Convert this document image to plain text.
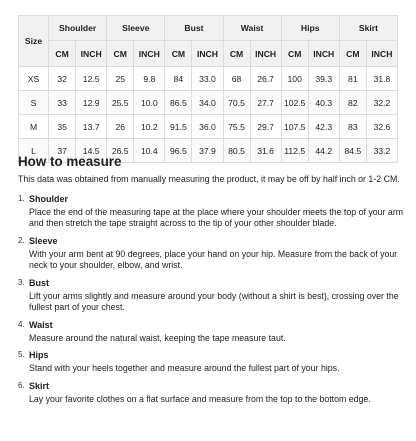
Size	Shoulder		Sleeve		Bust		Waist		Hips		Skirt	
	CM	INCH	CM	INCH	CM	INCH	CM	INCH	CM	INCH	CM	INCH
XS	32	12.5	25	9.8	84	33.0	68	26.7	100	39.3	81	31.8
S	33	12.9	25.5	10.0	86.5	34.0	70.5	27.7	102.5	40.3	82	32.2
M	35	13.7	26	10.2	91.5	36.0	75.5	29.7	107.5	42.3	83	32.6
L	37	14.5	26.5	10.4	96.5	37.9	80.5	31.6	112.5	44.2	84.5	33.2
How to measure

This data was obtained from manually measuring the product, it may be off by half inch or 1-2 CM.

1. Shoulder
Place the end of the measuring tape at the place where your shoulder meets the top of your arm and then stretch the tape straight across to the tip of your other shoulder blade.
2. Sleeve
With your arm bent at 90 degrees, place your hand on your hip. Measure from the back of your neck to your shoulder, elbow, and wrist.
3. Bust
Lift your arms slightly and measure around your body (without a shirt is best), crossing over the fullest part of your chest.
4. Waist
Measure around the natural waist, keeping the tape measure taut.
5. Hips
Stand with your heels together and measure around the fullest part of your hips.
6. Skirt
Lay your favorite clothes on a flat surface and measure from the top to the bottom edge.
